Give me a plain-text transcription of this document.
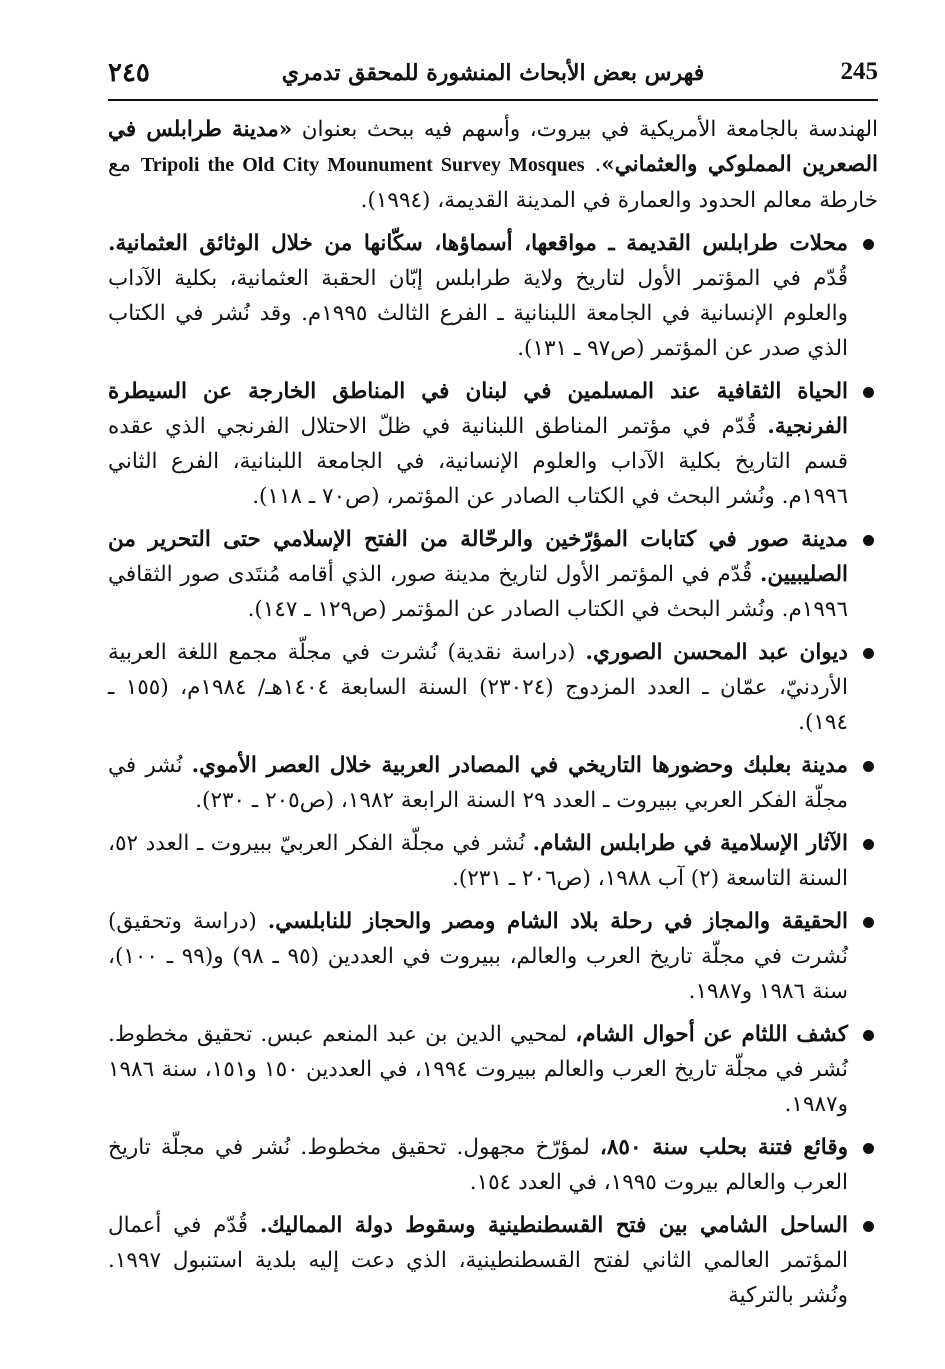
٢٤٥	فهرس بعض الأبحاث المنشورة للمحقق تدمري	245

الهندسة بالجامعة الأمريكية في بيروت، وأسهم فيه ببحث بعنوان «مدينة طرابلس في الصعرين المملوكي والعثماني». Tripoli the Old City Mounument Survey Mosques مع خارطة معالم الحدود والعمارة في المدينة القديمة، (١٩٩٤).

محلات طرابلس القديمة ـ مواقعها، أسماؤها، سكّانها من خلال الوثائق العثمانية. قُدّم في المؤتمر الأول لتاريخ ولاية طرابلس إبّان الحقبة العثمانية، بكلية الآداب والعلوم الإنسانية في الجامعة اللبنانية ـ الفرع الثالث ١٩٩٥م. وقد نُشر في الكتاب الذي صدر عن المؤتمر (ص٩٧ ـ ١٣١).

الحياة الثقافية عند المسلمين في لبنان في المناطق الخارجة عن السيطرة الفرنجية. قُدّم في مؤتمر المناطق اللبنانية في ظلّ الاحتلال الفرنجي الذي عقده قسم التاريخ بكلية الآداب والعلوم الإنسانية، في الجامعة اللبنانية، الفرع الثاني ١٩٩٦م. ونُشر البحث في الكتاب الصادر عن المؤتمر، (ص٧٠ ـ ١١٨).

مدينة صور في كتابات المؤرّخين والرحّالة من الفتح الإسلامي حتى التحرير من الصليبيين. قُدّم في المؤتمر الأول لتاريخ مدينة صور، الذي أقامه مُنتَدى صور الثقافي ١٩٩٦م. ونُشر البحث في الكتاب الصادر عن المؤتمر (ص١٢٩ ـ ١٤٧).

ديوان عبد المحسن الصوري. (دراسة نقدية) نُشرت في مجلّة مجمع اللغة العربية الأردنيّ، عمّان ـ العدد المزدوج (٢٣٠٢٤) السنة السابعة ١٤٠٤هـ/ ١٩٨٤م، (١٥٥ ـ ١٩٤).

مدينة بعلبك وحضورها التاريخي في المصادر العربية خلال العصر الأموي. نُشر في مجلّة الفكر العربي ببيروت ـ العدد ٢٩ السنة الرابعة ١٩٨٢، (ص٢٠٥ ـ ٢٣٠).

الآثار الإسلامية في طرابلس الشام. نُشر في مجلّة الفكر العربيّ ببيروت ـ العدد ٥٢، السنة التاسعة (٢) آب ١٩٨٨، (ص٢٠٦ ـ ٢٣١).

الحقيقة والمجاز في رحلة بلاد الشام ومصر والحجاز للنابلسي. (دراسة وتحقيق) نُشرت في مجلّة تاريخ العرب والعالم، ببيروت في العددين (٩٥ ـ ٩٨) و(٩٩ ـ ١٠٠)، سنة ١٩٨٦ و١٩٨٧.

كشف اللثام عن أحوال الشام، لمحيي الدين بن عبد المنعم عبس. تحقيق مخطوط. نُشر في مجلّة تاريخ العرب والعالم ببيروت ١٩٩٤، في العددين ١٥٠ و١٥١، سنة ١٩٨٦ و١٩٨٧.

وقائع فتنة بحلب سنة ٨٥٠، لمؤرّخ مجهول. تحقيق مخطوط. نُشر في مجلّة تاريخ العرب والعالم بيروت ١٩٩٥، في العدد ١٥٤.

الساحل الشامي بين فتح القسطنطينية وسقوط دولة المماليك. قُدّم في أعمال المؤتمر العالمي الثاني لفتح القسطنطينية، الذي دعت إليه بلدية استنبول ١٩٩٧. ونُشر بالتركية
